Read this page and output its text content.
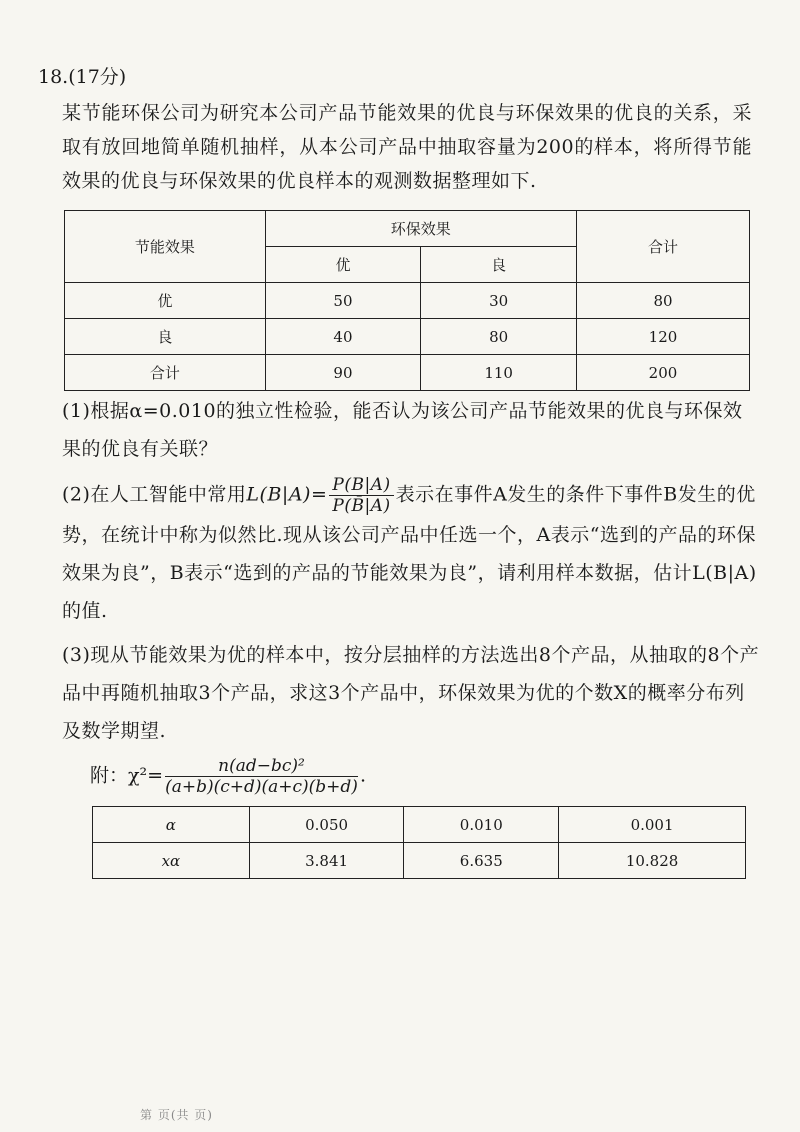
18.(17分)
某节能环保公司为研究本公司产品节能效果的优良与环保效果的优良的关系，采取有放回地简单随机抽样，从本公司产品中抽取容量为200的样本，将所得节能效果的优良与环保效果的优良样本的观测数据整理如下.
节能效果	环保效果		合计
	优	良	
优	50	30	80
良	40	80	120
合计	90	110	200
(1)根据α=0.010的独立性检验，能否认为该公司产品节能效果的优良与环保效果的优良有关联？
(2)在人工智能中常用$L(B|A)= \frac{P(B|A)}{P(B̄|A)}$ 表示在事件A发生的条件下事件B发生的优势，在统计中称为似然比.现从该公司产品中任选一个，A表示“选到的产品的环保效果为良”，B表示“选到的产品的节能效果为良”，请利用样本数据，估计L(B|A)的值.
(3)现从节能效果为优的样本中，按分层抽样的方法选出8个产品，从抽取的8个产品中再随机抽取3个产品，求这3个产品中，环保效果为优的个数X的概率分布列及数学期望.
附：$\chi^2= \frac{\text{n(ad−bc)²}}{(a+b)(c+d)(a+c)(b+d)}$ .
α	0.050	0.010	0.001
xα	3.841	6.635	10.828
第 页(共 页)
